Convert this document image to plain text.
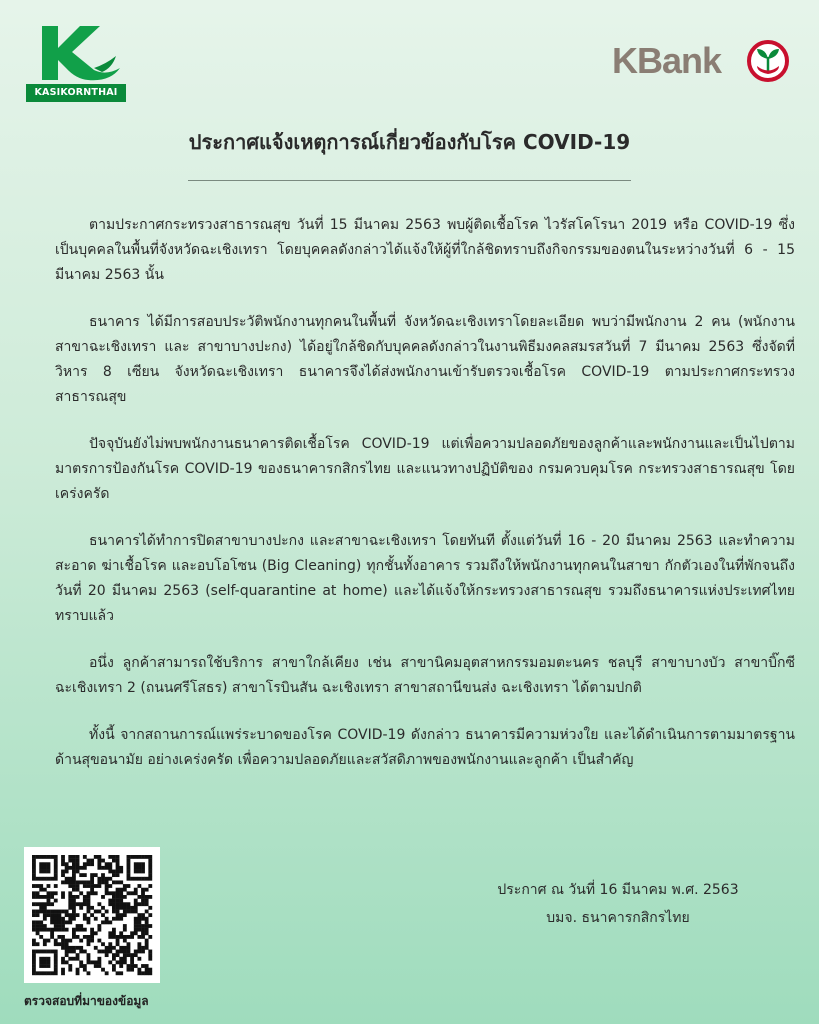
KASIKORNTHAI
KBank
ประกาศแจ้งเหตุการณ์เกี่ยวข้องกับโรค COVID-19

ตามประกาศกระทรวงสาธารณสุข วันที่ 15 มีนาคม 2563 พบผู้ติดเชื้อโรค ไวรัสโคโรนา 2019 หรือ COVID-19 ซึ่งเป็นบุคคลในพื้นที่จังหวัดฉะเชิงเทรา โดยบุคคลดังกล่าวได้แจ้งให้ผู้ที่ใกล้ชิดทราบถึงกิจกรรมของตนในระหว่างวันที่ 6 - 15 มีนาคม 2563 นั้น

ธนาคาร ได้มีการสอบประวัติพนักงานทุกคนในพื้นที่ จังหวัดฉะเชิงเทราโดยละเอียด พบว่ามีพนักงาน 2 คน (พนักงานสาขาฉะเชิงเทรา และ สาขาบางปะกง) ได้อยู่ใกล้ชิดกับบุคคลดังกล่าวในงานพิธีมงคลสมรสวันที่ 7 มีนาคม 2563 ซึ่งจัดที่วิหาร 8 เซียน จังหวัดฉะเชิงเทรา ธนาคารจึงได้ส่งพนักงานเข้ารับตรวจเชื้อโรค COVID-19 ตามประกาศกระทรวงสาธารณสุข

ปัจจุบันยังไม่พบพนักงานธนาคารติดเชื้อโรค COVID-19 แต่เพื่อความปลอดภัยของลูกค้าและพนักงานและเป็นไปตามมาตรการป้องกันโรค COVID-19 ของธนาคารกสิกรไทย และแนวทางปฏิบัติของ กรมควบคุมโรค กระทรวงสาธารณสุข โดยเคร่งครัด

ธนาคารได้ทำการปิดสาขาบางปะกง และสาขาฉะเชิงเทรา โดยทันที ตั้งแต่วันที่ 16 - 20 มีนาคม 2563 และทำความสะอาด ฆ่าเชื้อโรค และอบโอโซน (Big Cleaning) ทุกชั้นทั้งอาคาร รวมถึงให้พนักงานทุกคนในสาขา กักตัวเองในที่พักจนถึงวันที่ 20 มีนาคม 2563 (self-quarantine at home) และได้แจ้งให้กระทรวงสาธารณสุข รวมถึงธนาคารแห่งประเทศไทยทราบแล้ว

อนึ่ง ลูกค้าสามารถใช้บริการ สาขาใกล้เคียง เช่น สาขานิคมอุตสาหกรรมอมตะนคร ชลบุรี สาขาบางบัว สาขาบิ๊กซี ฉะเชิงเทรา 2 (ถนนศรีโสธร) สาขาโรบินสัน ฉะเชิงเทรา สาขาสถานีขนส่ง ฉะเชิงเทรา ได้ตามปกติ

ทั้งนี้ จากสถานการณ์แพร่ระบาดของโรค COVID-19 ดังกล่าว ธนาคารมีความห่วงใย และได้ดำเนินการตามมาตรฐานด้านสุขอนามัย อย่างเคร่งครัด เพื่อความปลอดภัยและสวัสดิภาพของพนักงานและลูกค้า เป็นสำคัญ

ตรวจสอบที่มาของข้อมูล
ประกาศ ณ วันที่ 16 มีนาคม พ.ศ. 2563
บมจ. ธนาคารกสิกรไทย
